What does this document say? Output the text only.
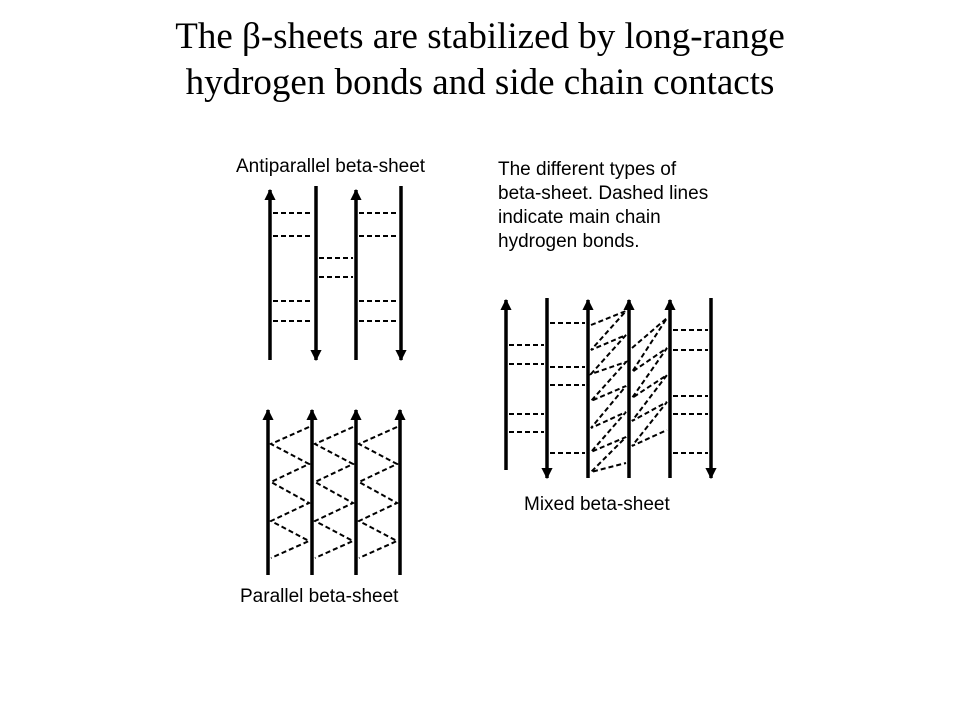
The β-sheets are stabilized by long-range
hydrogen bonds and side chain contacts
Antiparallel beta-sheet
Parallel beta-sheet
Mixed beta-sheet
The different types of
beta-sheet. Dashed lines
indicate main chain
hydrogen bonds.
